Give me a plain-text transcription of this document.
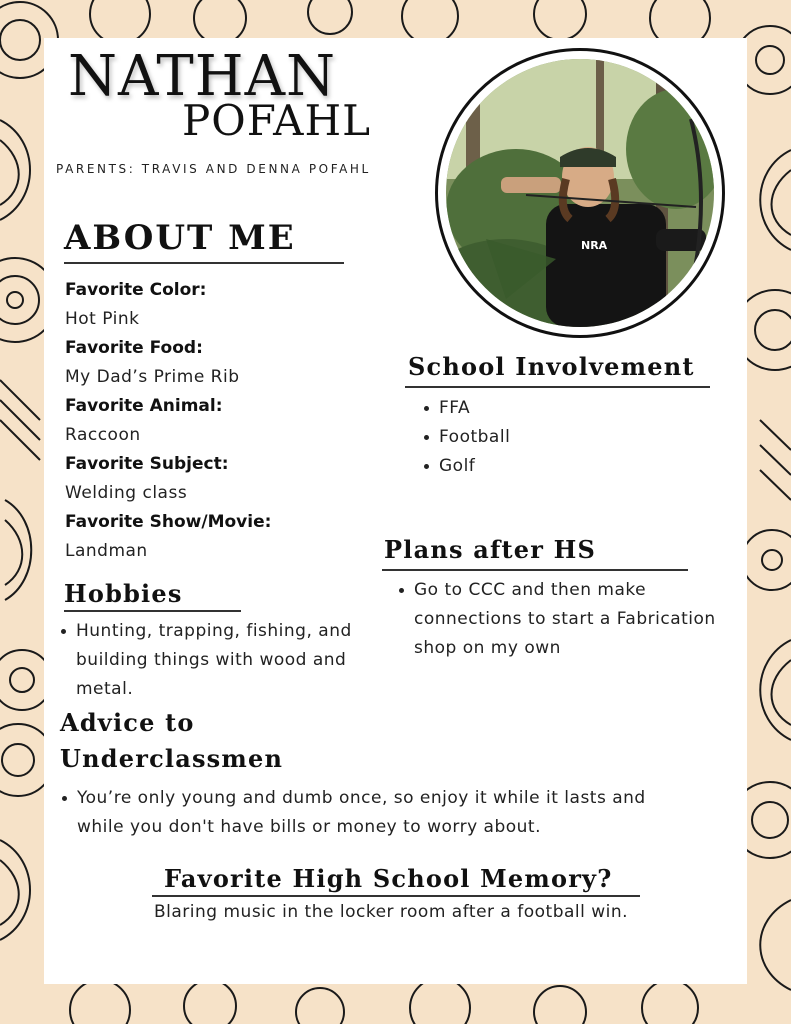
NATHAN
POFAHL
PARENTS: TRAVIS AND DENNA POFAHL
NRA
ABOUT ME
Favorite Color:
Hot Pink
Favorite Food:
My Dad’s Prime Rib
Favorite Animal:
Raccoon
Favorite Subject:
Welding class
Favorite Show/Movie:
Landman
School Involvement
FFA
Football
Golf
Plans after HS
Go to CCC and then make connections to start a Fabrication shop on my own
Hobbies
Hunting, trapping, fishing, and building things with wood and metal.
Advice to
Underclassmen
You’re only young and dumb once, so enjoy it while it lasts and while you don't have bills or money to worry about.
Favorite High School Memory?
Blaring music in the locker room after a football win.
